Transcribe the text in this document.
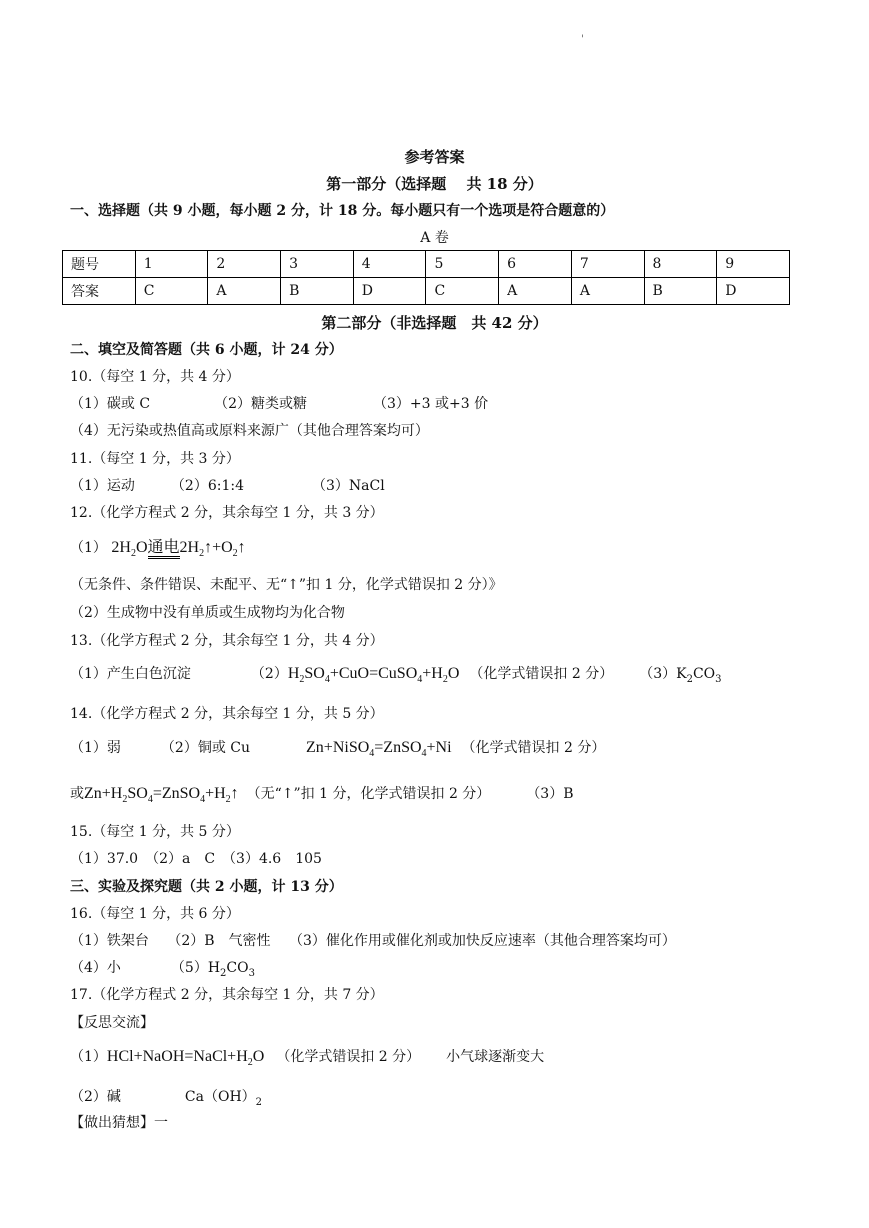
'
参考答案
第一部分（选择题　 共 18 分）
一、选择题（共 9 小题，每小题 2 分，计 18 分。每小题只有一个选项是符合题意的）
A 卷
题号	1	2	3	4	5	6	7	8	9
答案	C	A	B	D	C	A	A	B	D
第二部分（非选择题　共 42 分）
二、填空及简答题（共 6 小题，计 24 分）
10.（每空 1 分，共 4 分）
（1）碳或 C	（2）糖类或糖	（3）+3 或+3 价
（4）无污染或热值高或原料来源广（其他合理答案均可）
11.（每空 1 分，共 3 分）
（1）运动	（2）6:1:4	（3）NaCl
12.（化学方程式 2 分，其余每空 1 分，共 3 分）
（1） $2H_2O$通电$2H_2↑+O_2↑$
（无条件、条件错误、未配平、无“↑”扣 1 分，化学式错误扣 2 分）》
（2）生成物中没有单质或生成物均为化合物
13.（化学方程式 2 分，其余每空 1 分，共 4 分）
（1）产生白色沉淀	$(2)H_2SO_4+CuO=CuSO_4+H_2O$ （化学式错误扣 2 分） $(3)K_2CO_3$
14.（化学方程式 2 分，其余每空 1 分，共 5 分）
（1）弱	（2）铜或 Cu	Zn+NiSO$_4$=ZnSO$_4$+Ni （化学式错误扣 2 分）
或$Zn+H_2SO_4=ZnSO_4+H_2↑$ （无“↑”扣 1 分，化学式错误扣 2 分）	（3）B
15.（每空 1 分，共 5 分）
（1）37.0　（2）a　C　（3）4.6　105
三、实验及探究题（共 2 小题，计 13 分）
16.（每空 1 分，共 6 分）
（1）铁架台　 （2）B　气密性　 （3）催化作用或催化剂或加快反应速率（其他合理答案均可）
（4）小	$(5)H_2CO_3$
17.（化学方程式 2 分，其余每空 1 分，共 7 分）
【反思交流】
$(1)HCl+NaOH=NaCl+H_2O$ （化学式错误扣 2 分） 小气球逐渐变大
（2）碱	$Ca(OH)_2$
【做出猜想】一
